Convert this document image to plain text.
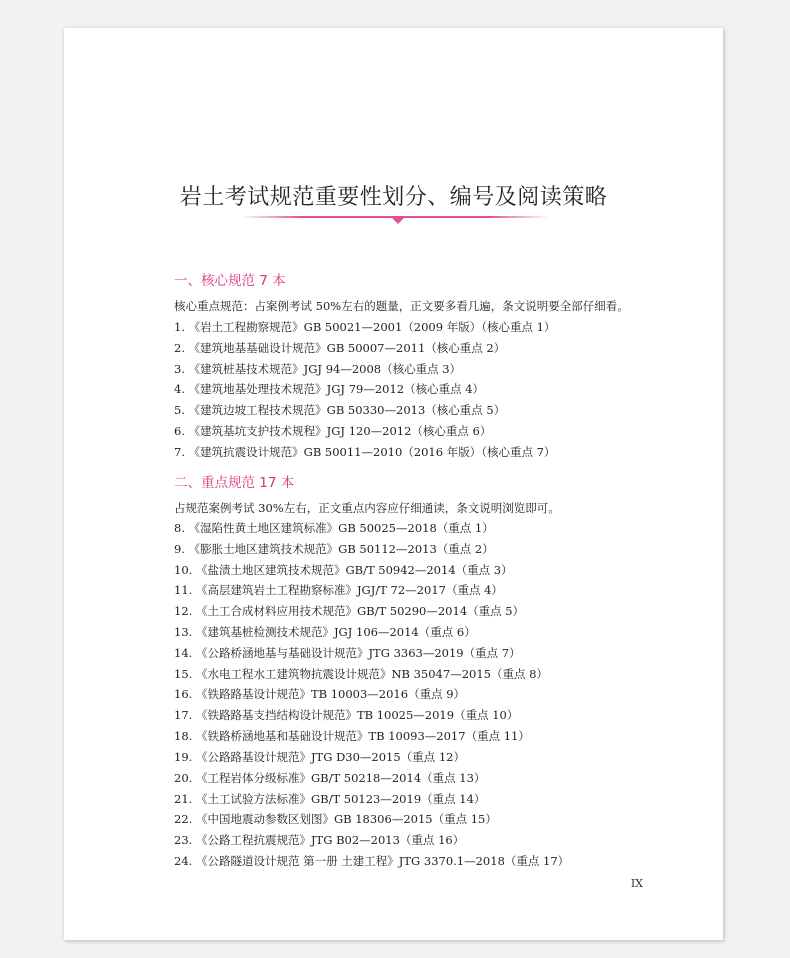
岩土考试规范重要性划分、编号及阅读策略
一、核心规范 7 本
核心重点规范：占案例考试 50%左右的题量，正文要多看几遍，条文说明要全部仔细看。
1. 《岩土工程勘察规范》GB 50021—2001（2009 年版）（核心重点 1）
2. 《建筑地基基础设计规范》GB 50007—2011（核心重点 2）
3. 《建筑桩基技术规范》JGJ 94—2008（核心重点 3）
4. 《建筑地基处理技术规范》JGJ 79—2012（核心重点 4）
5. 《建筑边坡工程技术规范》GB 50330—2013（核心重点 5）
6. 《建筑基坑支护技术规程》JGJ 120—2012（核心重点 6）
7. 《建筑抗震设计规范》GB 50011—2010（2016 年版）（核心重点 7）
二、重点规范 17 本
占规范案例考试 30%左右，正文重点内容应仔细通读，条文说明浏览即可。
8. 《湿陷性黄土地区建筑标准》GB 50025—2018（重点 1）
9. 《膨胀土地区建筑技术规范》GB 50112—2013（重点 2）
10. 《盐渍土地区建筑技术规范》GB/T 50942—2014（重点 3）
11. 《高层建筑岩土工程勘察标准》JGJ/T 72—2017（重点 4）
12. 《土工合成材料应用技术规范》GB/T 50290—2014（重点 5）
13. 《建筑基桩检测技术规范》JGJ 106—2014（重点 6）
14. 《公路桥涵地基与基础设计规范》JTG 3363—2019（重点 7）
15. 《水电工程水工建筑物抗震设计规范》NB 35047—2015（重点 8）
16. 《铁路路基设计规范》TB 10003—2016（重点 9）
17. 《铁路路基支挡结构设计规范》TB 10025—2019（重点 10）
18. 《铁路桥涵地基和基础设计规范》TB 10093—2017（重点 11）
19. 《公路路基设计规范》JTG D30—2015（重点 12）
20. 《工程岩体分级标准》GB/T 50218—2014（重点 13）
21. 《土工试验方法标准》GB/T 50123—2019（重点 14）
22. 《中国地震动参数区划图》GB 18306—2015（重点 15）
23. 《公路工程抗震规范》JTG B02—2013（重点 16）
24. 《公路隧道设计规范 第一册 土建工程》JTG 3370.1—2018（重点 17）
IX
